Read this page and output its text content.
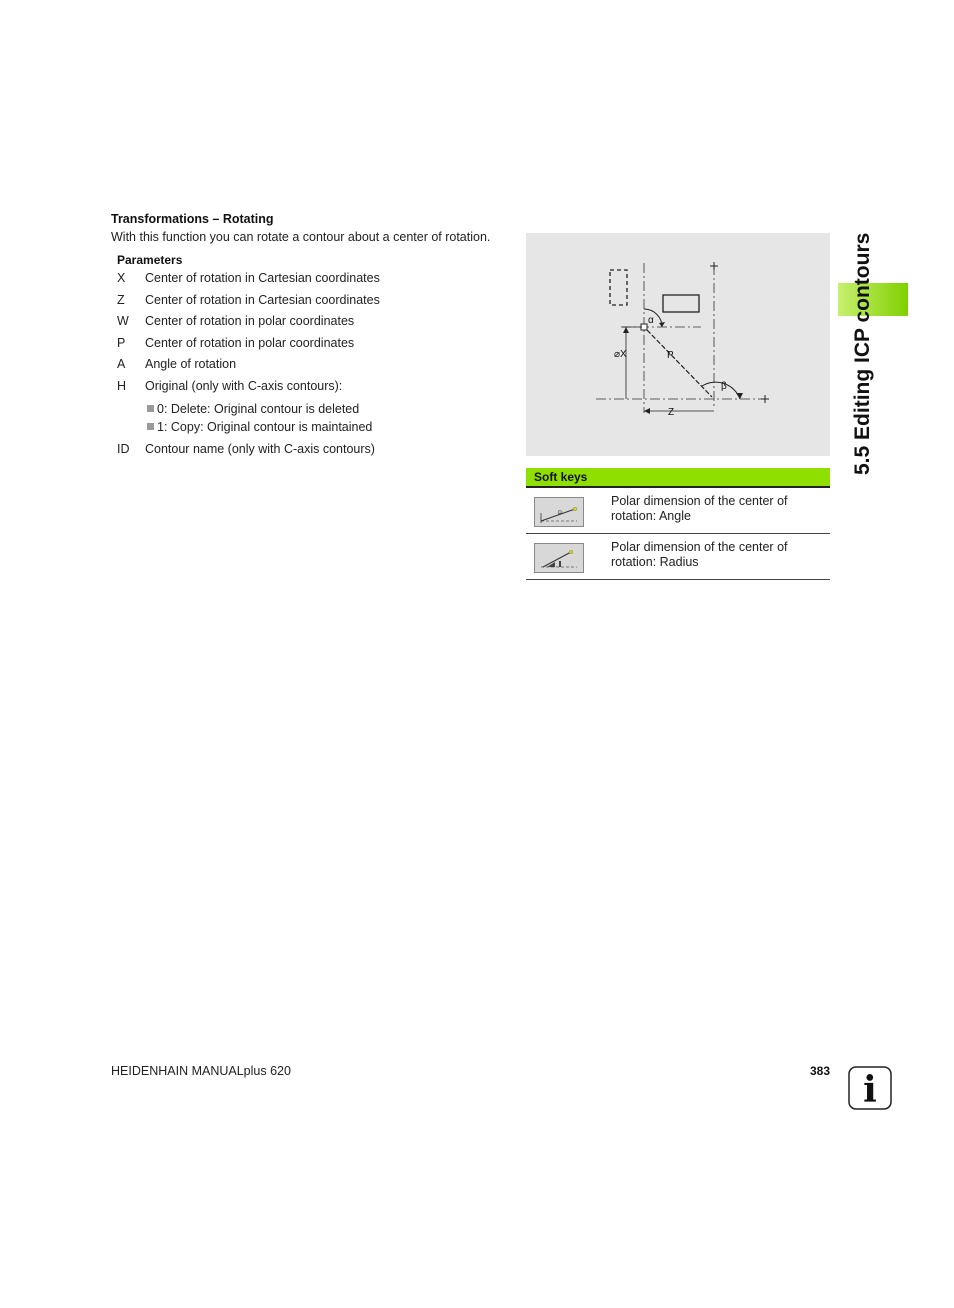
Transformations – Rotating
With this function you can rotate a contour about a center of rotation.
Parameters
X Center of rotation in Cartesian coordinates
Z Center of rotation in Cartesian coordinates
W Center of rotation in polar coordinates
P Center of rotation in polar coordinates
A Angle of rotation
H Original (only with C-axis contours):
0: Delete: Original contour is deleted
1: Copy: Original contour is maintained
ID Contour name (only with C-axis contours)
α
⌀X	P
β
Z
Soft keys
P
Polar dimension of the center of
rotation: Angle
Polar dimension of the center of
rotation: Radius
5.5 Editing ICP contours
HEIDENHAIN MANUALplus 620	383 i
